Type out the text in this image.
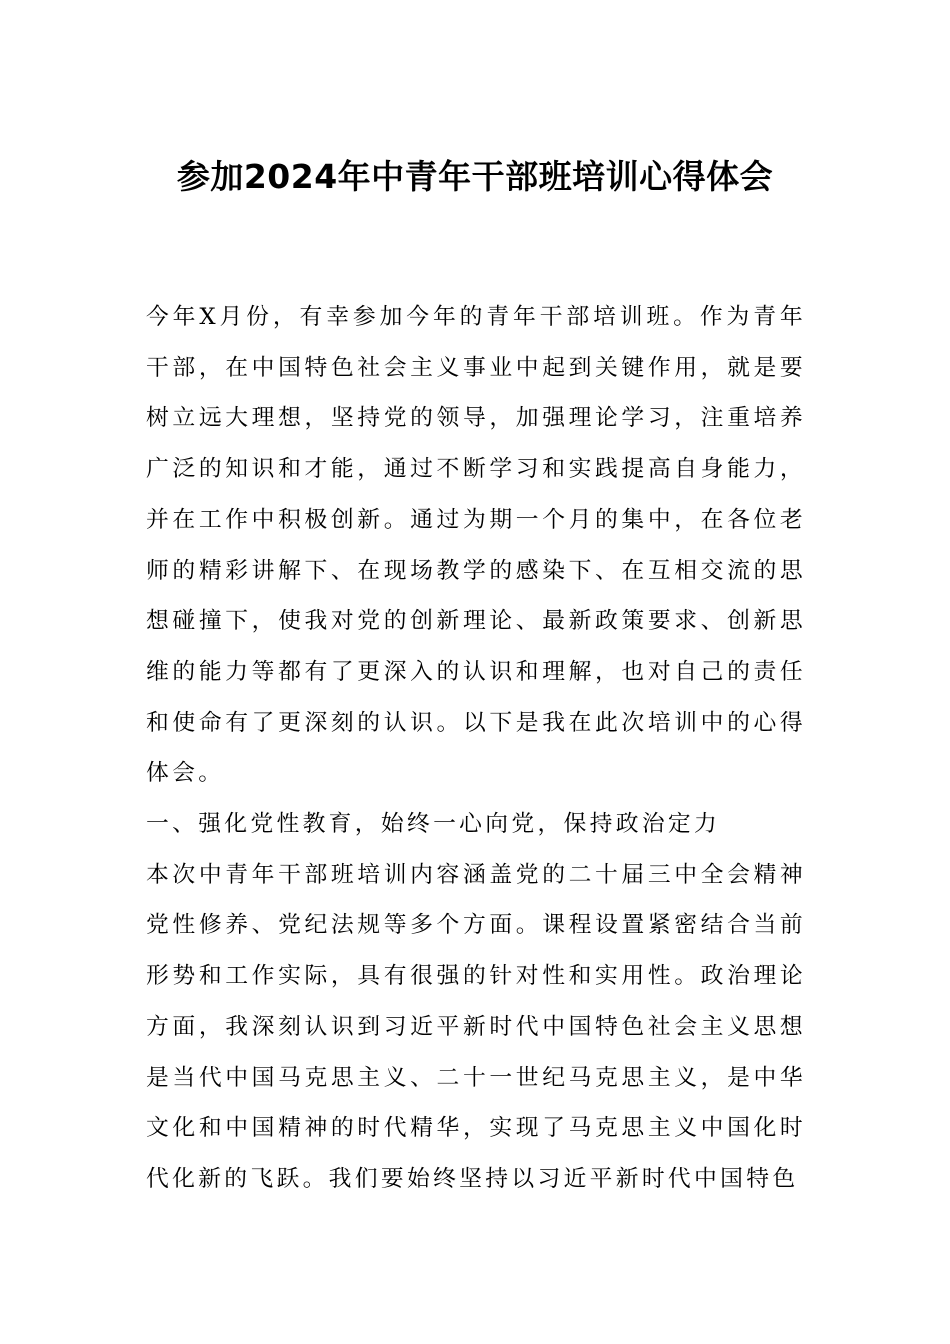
参加2024年中青年干部班培训心得体会

今年X月份，有幸参加今年的青年干部培训班。作为青年干部，在中国特色社会主义事业中起到关键作用，就是要树立远大理想，坚持党的领导，加强理论学习，注重培养广泛的知识和才能，通过不断学习和实践提高自身能力，并在工作中积极创新。通过为期一个月的集中，在各位老师的精彩讲解下、在现场教学的感染下、在互相交流的思想碰撞下，使我对党的创新理论、最新政策要求、创新思维的能力等都有了更深入的认识和理解，也对自己的责任和使命有了更深刻的认识。以下是我在此次培训中的心得体会。

一、强化党性教育，始终一心向党，保持政治定力

本次中青年干部班培训内容涵盖党的二十届三中全会精神党性修养、党纪法规等多个方面。课程设置紧密结合当前形势和工作实际，具有很强的针对性和实用性。政治理论方面，我深刻认识到习近平新时代中国特色社会主义思想是当代中国马克思主义、二十一世纪马克思主义，是中华文化和中国精神的时代精华，实现了马克思主义中国化时代化新的飞跃。我们要始终坚持以习近平新时代中国特色
